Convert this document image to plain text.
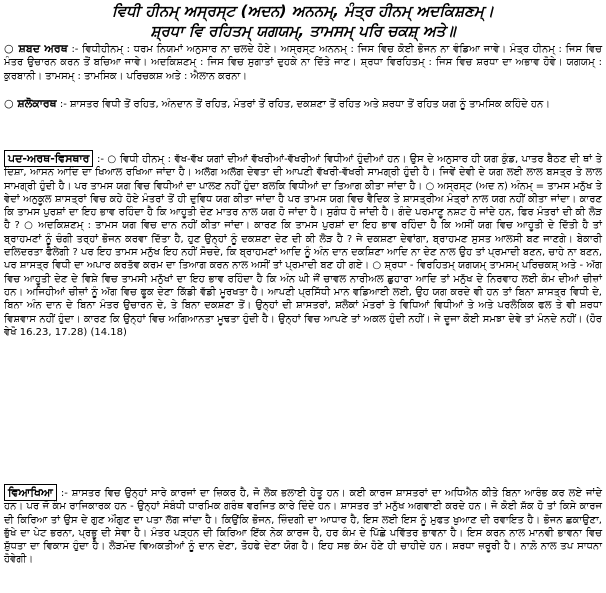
ਵਿਧੀ ਹੀਨਮ੍ ਅਸ੍ਰਸ੍ਟ (ਅਦਨ) ਅਨਨਮ੍, ਮੰਤ੍ਰ ਹੀਨਮ੍ ਅਦਕਿਸ਼ਣਮ੍।
ਸ਼੍ਰਧਾ ਵਿ ਰਹਿਤਮ੍ ਯਗਯਮ੍, ਤਾਮਸਮ੍ ਪਰਿ ਚਕਸ਼੍ ਅਤੇ॥
○ ਸ਼ਬਦ ਅਰਥ :- ਵਿਧੀਹੀਨਮ੍ : ਧਰਮ ਨਿਯਮਾਂ ਅਨੁਸਾਰ ਨਾ ਚਲਦੇ ਹੋਏ। ਅਸ੍ਰਸ੍ਟ ਅਨਨਮ੍ : ਜਿਸ ਵਿਚ ਕੋਈ ਭੋਜਨ ਨਾ ਵੰਡਿਆ ਜਾਵੇ। ਮੰਤ੍ਰ ਹੀਨਮ੍ : ਜਿਸ ਵਿਚ ਮੰਤਰ ਉਚਾਰਨ ਕਰਨ ਤੋਂ ਬਚਿਆ ਜਾਵੇ। ਅਦਕਿਸ਼ਣਮ੍ : ਜਿਸ ਵਿਚ ਸੁਗਾਤਾਂ ਦੁਹਕੇ ਨਾ ਦਿੱਤੇ ਜਾਣ। ਸ਼੍ਰਧਾ ਵਿਰਹਿਤਮ੍ : ਜਿਸ ਵਿਚ ਸ਼ਰਧਾ ਦਾ ਅਭਾਵ ਹੋਵੇ। ਯਗਯਮ੍ : ਕੁਰਬਾਨੀ। ਤਾਮਸਮ੍ : ਤਾਮਸਿਕ। ਪਰਿਚਕਸ਼ ਅਤੇ : ਐਲਾਨ ਕਰਨਾ।
○ ਸ਼ਲੋਕਾਰਥ :- ਸ਼ਾਸਤਰ ਵਿਧੀ ਤੋਂ ਰਹਿਤ, ਅੰਨਦਾਨ ਤੋਂ ਰਹਿਤ, ਮੰਤਰਾਂ ਤੋਂ ਰਹਿਤ, ਦਕਸ਼ਣਾ ਤੋਂ ਰਹਿਤ ਅਤੇ ਸ਼ਰਧਾ ਤੋਂ ਰਹਿਤ ਯਗ ਨੂੰ ਤਾਮਸਿਕ ਕਹਿੰਦੇ ਹਨ।
ਪਦ-ਅਰਥ-ਵਿਸਥਾਰ :- ○ ਵਿਧੀ ਹੀਨਮ੍ : ਵੱਖ-ਵੱਖ ਯਗਾਂ ਦੀਆਂ ਵੱਖਰੀਆਂ-ਵੱਖਰੀਆਂ ਵਿਧੀਆਂ ਹੁੰਦੀਆਂ ਹਨ। ਉਸ ਦੇ ਅਨੁਸਾਰ ਹੀ ਯਗ ਕੁੰਡ, ਪਾਤਰ ਬੈਠਣ ਦੀ ਥਾਂ ਤੇ ਦਿਸ਼ਾ, ਆਸਨ ਆਦਿ ਦਾ ਖਿਆਲ ਰਖਿਆ ਜਾਂਦਾ ਹੈ। ਅਲੱਗ ਅਲੱਗ ਦੇਵਤਾ ਦੀ ਆਪਣੀ ਵੱਖਰੀ-ਵੱਖਰੀ ਸਾਮਗ੍ਰੀ ਹੁੰਦੀ ਹੈ। ਜਿਵੇਂ ਦੇਵੀ ਦੇ ਯਗ ਲਈ ਲਾਲ ਬਸਤ੍ਰ ਤੇ ਲਾਲ ਸਾਮਗ੍ਰੀ ਹੁੰਦੀ ਹੈ। ਪਰ ਤਾਮਸ ਯਗ ਵਿਚ ਵਿਧੀਆਂ ਦਾ ਪਾਲਣ ਨਹੀਂ ਹੁੰਦਾ ਬਲਕਿ ਵਿਧੀਆਂ ਦਾ ਤਿਆਗ ਕੀਤਾ ਜਾਂਦਾ ਹੈ। ○ ਅਸ੍ਰਸ੍ਟ (ਅਦ ਨ) ਅੰਨਮ੍ = ਤਾਮਸ ਮਨੁੱਖ ਤੇ ਵੇਦਾਂ ਅਨੁਕੂਲ ਸ਼ਾਸਤ੍ਰਾਂ ਵਿਚ ਕਹੇ ਹੋਏ ਮੰਤਰਾਂ ਤੋਂ ਹੀ ਦੁਵਿਧ ਯਗ ਕੀਤਾ ਜਾਂਦਾ ਹੈ ਪਰ ਤਾਮਸ ਯਗ ਵਿਚ ਵੈਦਿਕ ਤੇ ਸ਼ਾਸਤ੍ਰੀਅ ਮੰਤ੍ਰਾਂ ਨਾਲ ਯਗ ਨਹੀਂ ਕੀਤਾ ਜਾਂਦਾ। ਕਾਰਣ ਕਿ ਤਾਮਸ ਪੁਰਸ਼ਾਂ ਦਾ ਇਹ ਭਾਵ ਰਹਿੰਦਾ ਹੈ ਕਿ ਆਹੂਤੀ ਦੇਣ ਮਾਤਰ ਨਾਲ ਯਗ ਹੋ ਜਾਂਦਾ ਹੈ। ਸੁਗੰਧ ਹੋ ਜਾਂਦੀ ਹੈ। ਗੰਦੇ ਪਰਮਾਣੂ ਨਸ਼ਟ ਹੋ ਜਾਂਦੇ ਹਨ, ਫਿਰ ਮੰਤਰਾਂ ਦੀ ਕੀ ਲੋੜ ਹੈ ? ○ ਅਦਕਿਸ਼ਣਮ੍ : ਤਾਮਸ ਯਗ ਵਿਚ ਦਾਨ ਨਹੀਂ ਕੀਤਾ ਜਾਂਦਾ। ਕਾਰਣ ਕਿ ਤਾਮਸ ਪੁਰਸ਼ਾਂ ਦਾ ਇਹ ਭਾਵ ਰਹਿੰਦਾ ਹੈ ਕਿ ਅਸੀਂ ਯਗ ਵਿਚ ਆਹੂਤੀ ਦੇ ਦਿੱਤੀ ਹੈ ਤਾਂ ਬ੍ਰਾਹਮਣਾਂ ਨੂੰ ਚੰਗੀ ਤਰ੍ਹਾਂ ਭੋਜਨ ਕਰਵਾ ਦਿੱਤਾ ਹੈ, ਹੁਣ ਉਨ੍ਹਾਂ ਨੂੰ ਦਕਸ਼ਣਾ ਦੇਣ ਦੀ ਕੀ ਲੋੜ ਹੈ ? ਜੇ ਦਕਸ਼ਣਾ ਦੇਵਾਂਗਾ, ਬ੍ਰਾਹਮਣ ਸੁਸਤ ਆਲਸੀ ਬਣ ਜਾਣਗੇ। ਬੇਕਾਰੀ ਦਲਿਦਰਤਾ ਫੈਲੇਗੀ ? ਪਰ ਇਹ ਤਾਮਸ ਮਨੁੱਖ ਇਹ ਨਹੀਂ ਸੋਚਦੇ, ਕਿ ਬ੍ਰਾਹਮਣਾਂ ਆਦਿ ਨੂੰ ਅੰਨ ਦਾਨ ਦਕਸ਼ਿਣਾ ਆਦਿ ਨਾ ਦੇਣ ਨਾਲ ਉਹ ਤਾਂ ਪ੍ਰਮਾਦੀ ਬਣਨ, ਚਾਹੇ ਨਾ ਬਣਨ, ਪਰ ਸ਼ਾਸਤ੍ਰ ਵਿਧੀ ਦਾ ਅਪਾਰ ਕਰਤੱਵ ਕਰਮ ਦਾ ਤਿਆਗ ਕਰਨ ਨਾਲ ਅਸੀਂ ਤਾਂ ਪ੍ਰਮਾਦੀ ਬਣ ਹੀ ਗਏ। ○ ਸ਼੍ਰਧਾ - ਵਿਰਹਿਤਮ੍ ਯਗਯਮ੍ ਤਾਮਸਮ੍ ਪਰਿਚਕਸ਼੍ ਅਤੇ - ਅੱਗ ਵਿਚ ਆਹੂਤੀ ਦੇਣ ਦੇ ਵਿਸ਼ੇ ਵਿਚ ਤਾਮਸੀ ਮਨੁੱਖਾਂ ਦਾ ਇਹ ਭਾਵ ਰਹਿੰਦਾ ਹੈ ਕਿ ਅੰਨ ਘੀ ਜੌਂ ਚਾਵਲ ਨਾਰੀਅਲ ਛੁਹਾਰਾ ਆਦਿ ਤਾਂ ਮਨੁੱਖ ਦੇ ਨਿਰਵਾਹ ਲਈ ਕੰਮ ਦੀਆਂ ਚੀਜ਼ਾਂ ਹਨ। ਅਜਿਹੀਆਂ ਚੀਜ਼ਾਂ ਨੂੰ ਅੱਗ ਵਿਚ ਫੂਕ ਦੇਣਾ ਕਿੱਡੀ ਵੱਡੀ ਮੂਰਖਤਾ ਹੈ। ਆਪਣੀ ਪ੍ਰਸਿੱਧੀ ਮਾਨ ਵਡਿਆਈ ਲਈ, ਉਹ ਯਗ ਕਰਦੇ ਵੀ ਹਨ ਤਾਂ ਬਿਨਾ ਸ਼ਾਸਤ੍ਰ ਵਿਧੀ ਦੇ, ਬਿਨਾ ਅੰਨ ਦਾਨ ਦੇ ਬਿਨਾ ਮੰਤਰ ਉਚਾਰਨ ਦੇ, ਤੇ ਬਿਨਾ ਦਕਸ਼ਣਾ ਤੋਂ। ਉਨ੍ਹਾਂ ਦੀ ਸ਼ਾਸਤਰਾਂ, ਸ਼ਲੋਕਾਂ ਮੰਤਰਾਂ ਤੇ ਵਿਧਿਆਂ ਵਿਧੀਆਂ ਤੇ ਅਤੇ ਪਰਲੋਕਿਕ ਫਲ ਤੇ ਵੀ ਸ਼ਰਧਾ ਵਿਸ਼ਵਾਸ ਨਹੀਂ ਹੁੰਦਾ। ਕਾਰਣ ਕਿ ਉਨ੍ਹਾਂ ਵਿਚ ਅਗਿਆਨਤਾ ਮੂਢਤਾ ਹੁੰਦੀ ਹੈ। ਉਨ੍ਹਾਂ ਵਿਚ ਆਪਣੇ ਤਾਂ ਅਕਲ ਹੁੰਦੀ ਨਹੀਂ। ਜੇ ਦੂਜਾ ਕੋਈ ਸਮਝਾ ਦੇਵੇ ਤਾਂ ਮੰਨਦੇ ਨਹੀਂ। (ਹੋਰ ਵੇਖੋ 16.23, 17.28) (14.18)
ਵਿਆਖਿਆ :- ਸ਼ਾਸਤਰ ਵਿਚ ਉਨ੍ਹਾਂ ਸਾਰੇ ਕਾਰਜਾਂ ਦਾ ਜ਼ਿਕਰ ਹੈ, ਜੋ ਲੋਕ ਭਲਾਈ ਹੇਤੂ ਹਨ। ਕਈ ਕਾਰਜ ਸ਼ਾਸਤਰਾਂ ਦਾ ਅਧਿਐਨ ਕੀਤੇ ਬਿਨਾ ਆਰੰਭ ਕਰ ਲਏ ਜਾਂਦੇ ਹਨ। ਪਰ ਜੋ ਕੰਮ ਰਾਜਿਕਾਰਕ ਹਨ - ਉਨ੍ਹਾਂ ਸੰਬੰਧੀ ਧਾਰਮਿਕ ਗਰੰਥ ਵਰਜਿਤ ਕਾਰੇ ਦਿੰਦੇ ਹਨ। ਸ਼ਾਸਤਰ ਤਾਂ ਮਨੁੱਖ ਅਗਵਾਈ ਕਰਦੇ ਹਨ। ਜੋ ਕੋਈ ਸ਼ੱਕ ਹੋ ਤਾਂ ਕਿਸੇ ਕਾਰਜ ਦੀ ਕਿਰਿਆ ਤਾਂ ਉਸ ਦੇ ਗੁਣ ਔਗੁਣ ਦਾ ਪਤਾ ਲੱਗ ਜਾਂਦਾ ਹੈ। ਕਿਉਂਕਿ ਭੋਜਨ, ਜ਼ਿੰਦਗੀ ਦਾ ਆਧਾਰ ਹੈ, ਇਸ ਲਈ ਇਸ ਨੂੰ ਮੁਫਤ ਖੁਆਣ ਦੀ ਰਵਾਇਤ ਹੈ। ਭੋਜਨ ਛਕਾਉਣਾ, ਭੁੱਖੇ ਦਾ ਪੇਟ ਭਰਨਾ, ਪ੍ਰਭੂ ਦੀ ਸੇਵਾ ਹੈ। ਮੰਤਰ ਪੜ੍ਹਨ ਦੀ ਕਿਰਿਆ ਇੱਕ ਨੇਕ ਕਾਰਜ ਹੈ, ਹਰ ਕੰਮ ਦੇ ਪਿੱਛੇ ਪਵਿੱਤਰ ਭਾਵਨਾ ਹੈ। ਇਸ ਕਰਨ ਨਾਲ ਮਾਨਵੀ ਭਾਵਨਾ ਵਿਚ ਸ਼ੁੱਧਤਾ ਦਾ ਵਿਕਾਸ ਹੁੰਦਾ ਹੈ। ਲੋੜਮੰਦ ਵਿਅਕਤੀਆਂ ਨੂੰ ਦਾਨ ਦੇਣਾ, ਤੋਹਫੇ ਦੇਣਾ ਯੋਗ ਹੈ। ਇਹ ਸਭ ਕੰਮ ਹੋਣੇ ਹੀ ਚਾਹੀਦੇ ਹਨ। ਸ਼ਰਧਾ ਜ਼ਰੂਰੀ ਹੈ। ਨਾਲ਼ੋ ਨਾਲ ਤਪ ਸਾਧਨਾ ਹੋਵੇਗੀ।
